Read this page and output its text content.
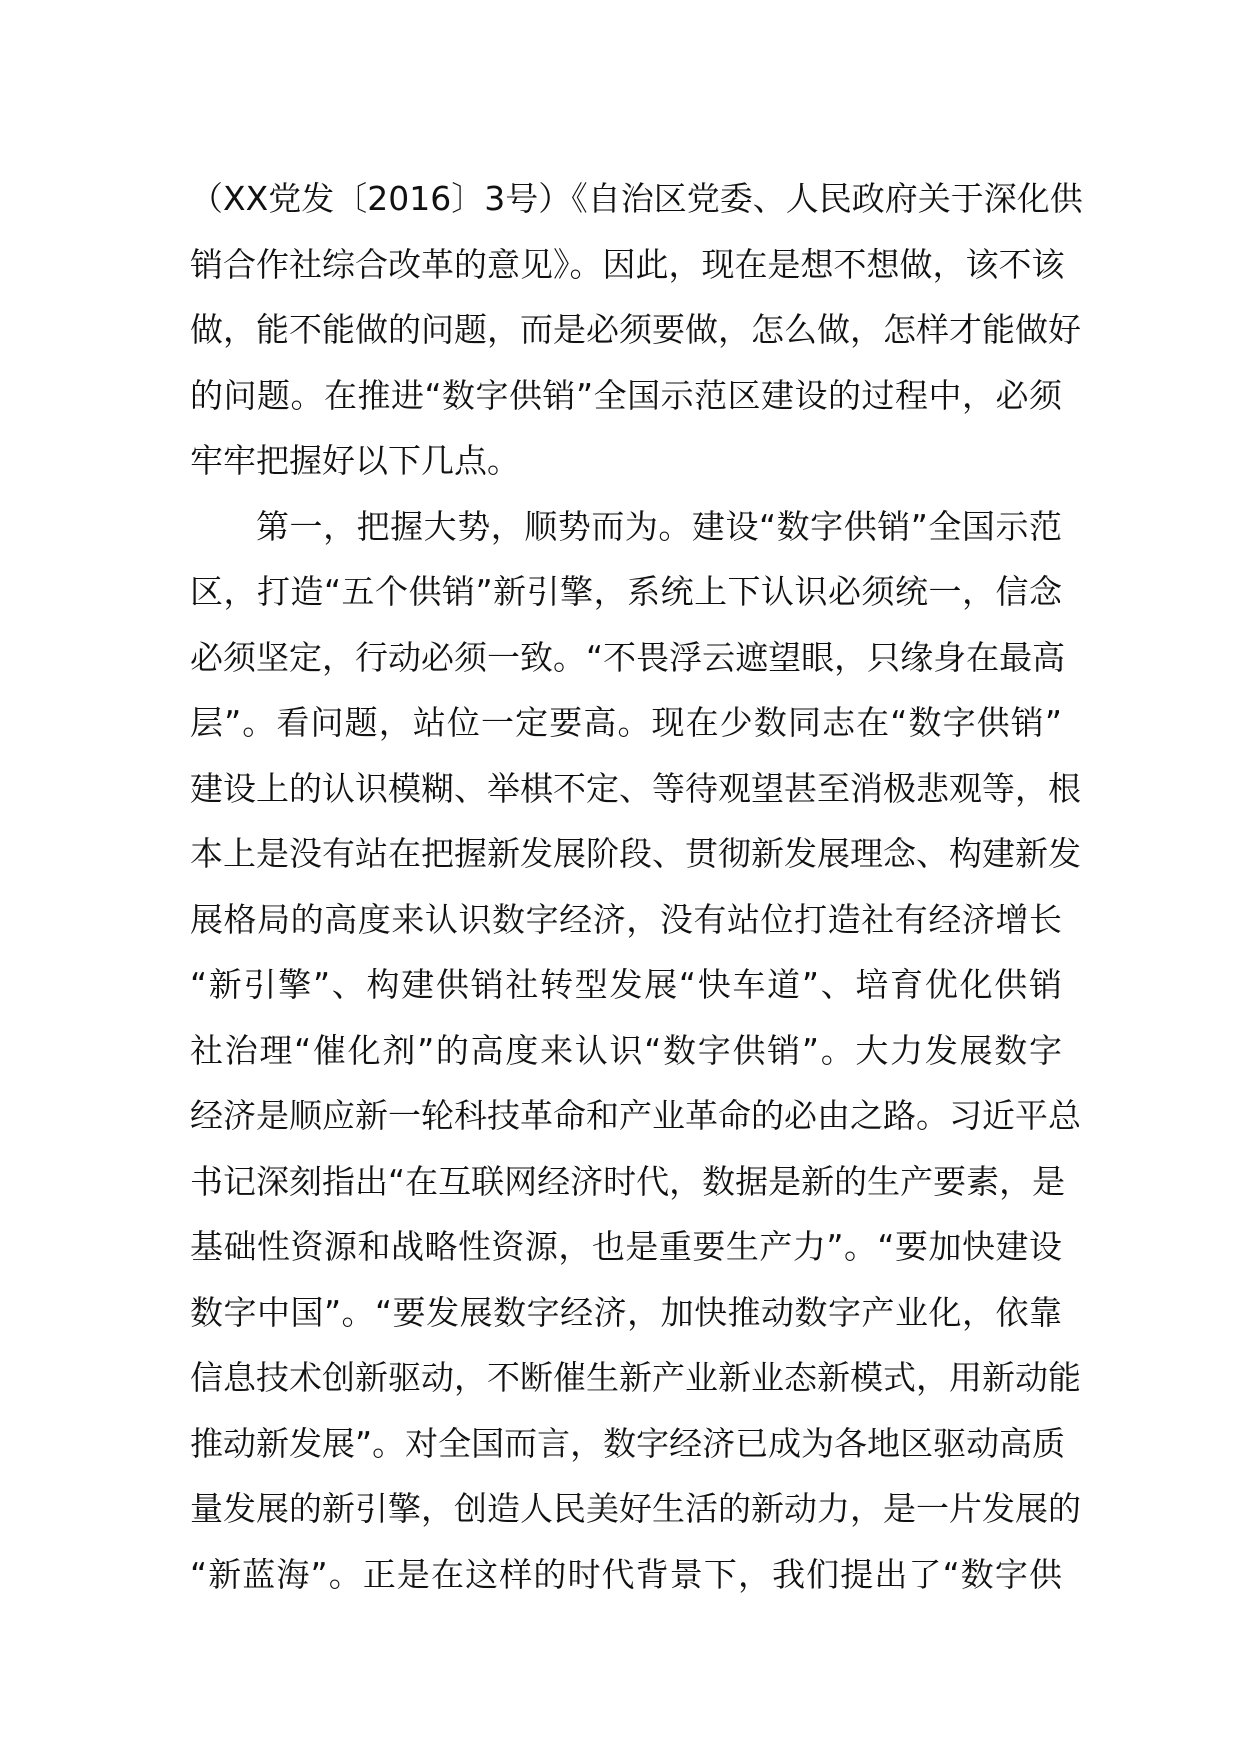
（XX党发〔2016〕3号）《自治区党委、人民政府关于深化供
销合作社综合改革的意见》。因此，现在是想不想做，该不该
做，能不能做的问题，而是必须要做，怎么做，怎样才能做好
的问题。在推进“数字供销”全国示范区建设的过程中，必须
牢牢把握好以下几点。
第一，把握大势，顺势而为。建设“数字供销”全国示范
区，打造“五个供销”新引擎，系统上下认识必须统一，信念
必须坚定，行动必须一致。“不畏浮云遮望眼，只缘身在最高
层”。看问题，站位一定要高。现在少数同志在“数字供销”
建设上的认识模糊、举棋不定、等待观望甚至消极悲观等，根
本上是没有站在把握新发展阶段、贯彻新发展理念、构建新发
展格局的高度来认识数字经济，没有站位打造社有经济增长
“新引擎”、构建供销社转型发展“快车道”、培育优化供销
社治理“催化剂”的高度来认识“数字供销”。大力发展数字
经济是顺应新一轮科技革命和产业革命的必由之路。习近平总
书记深刻指出“在互联网经济时代，数据是新的生产要素，是
基础性资源和战略性资源，也是重要生产力”。“要加快建设
数字中国”。“要发展数字经济，加快推动数字产业化，依靠
信息技术创新驱动，不断催生新产业新业态新模式，用新动能
推动新发展”。对全国而言，数字经济已成为各地区驱动高质
量发展的新引擎，创造人民美好生活的新动力，是一片发展的
“新蓝海”。正是在这样的时代背景下，我们提出了“数字供
